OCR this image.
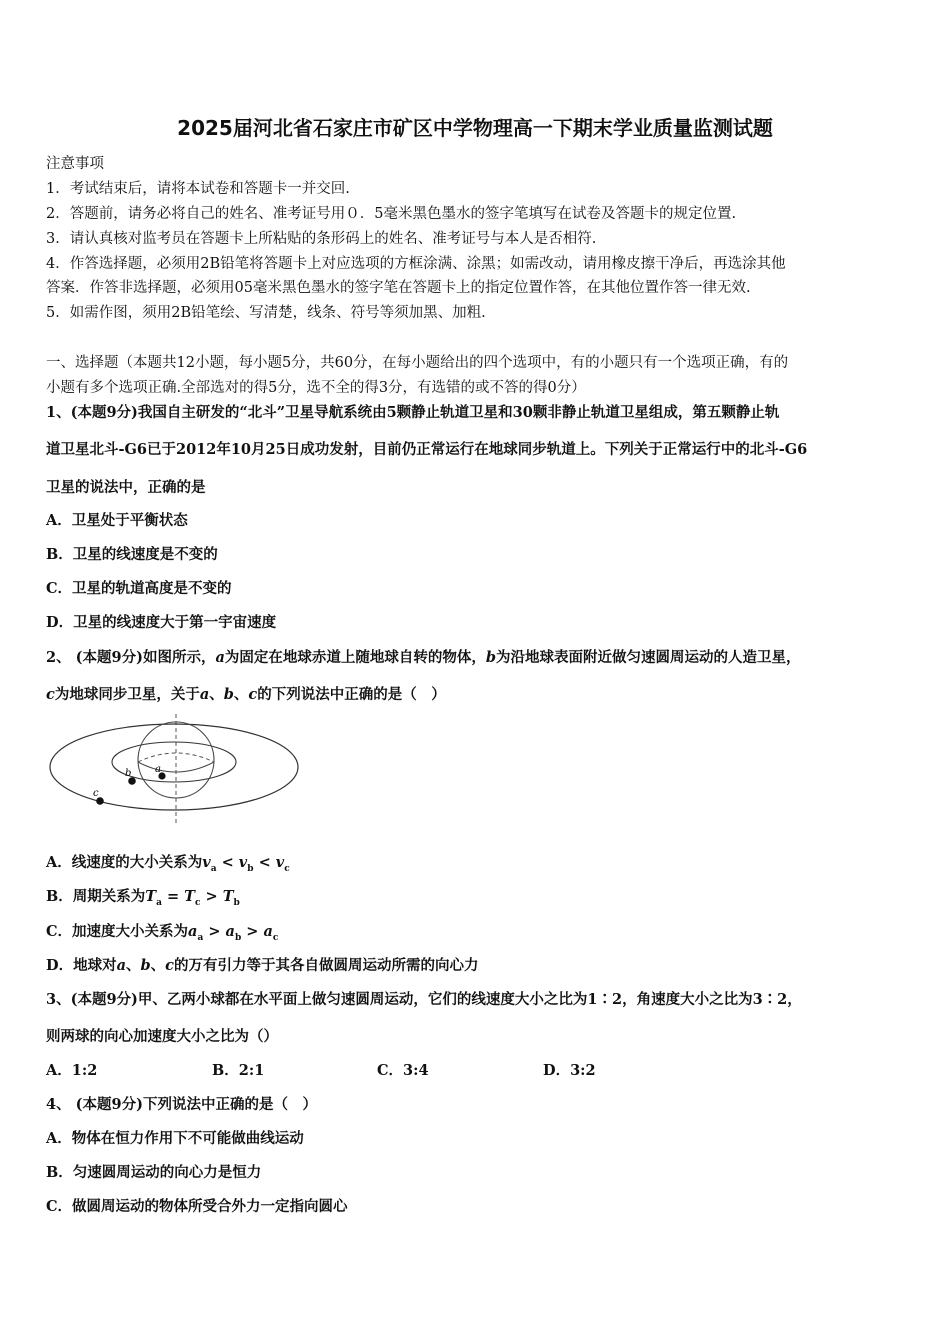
2025届河北省石家庄市矿区中学物理高一下期末学业质量监测试题
注意事项
1．考试结束后，请将本试卷和答题卡一并交回.
2．答题前，请务必将自己的姓名、准考证号用０．5毫米黑色墨水的签字笔填写在试卷及答题卡的规定位置.
3．请认真核对监考员在答题卡上所粘贴的条形码上的姓名、准考证号与本人是否相符.
4．作答选择题，必须用2B铅笔将答题卡上对应选项的方框涂满、涂黑；如需改动，请用橡皮擦干净后，再选涂其他
答案．作答非选择题，必须用05毫米黑色墨水的签字笔在答题卡上的指定位置作答，在其他位置作答一律无效.
5．如需作图，须用2B铅笔绘、写清楚，线条、符号等须加黑、加粗.
一、选择题（本题共12小题，每小题5分，共60分，在每小题给出的四个选项中，有的小题只有一个选项正确，有的
小题有多个选项正确.全部选对的得5分，选不全的得3分，有选错的或不答的得0分）
1、(本题9分)我国自主研发的“北斗”卫星导航系统由5颗静止轨道卫星和30颗非静止轨道卫星组成，第五颗静止轨
道卫星北斗-G6已于2012年10月25日成功发射，目前仍正常运行在地球同步轨道上。下列关于正常运行中的北斗-G6
卫星的说法中，正确的是
A．卫星处于平衡状态
B．卫星的线速度是不变的
C．卫星的轨道高度是不变的
D．卫星的线速度大于第一宇宙速度
2、 (本题9分)如图所示，a为固定在地球赤道上随地球自转的物体，b为沿地球表面附近做匀速圆周运动的人造卫星，
c为地球同步卫星，关于a、b、c的下列说法中正确的是（　）
a
b
c
A．线速度的大小关系为$v_a < v_b < v_c$
B．周期关系为$T_a = T_c > T_b$
C．加速度大小关系为$a_a > a_b > a_c$
D．地球对a、b、c的万有引力等于其各自做圆周运动所需的向心力
3、(本题9分)甲、乙两小球都在水平面上做匀速圆周运动，它们的线速度大小之比为1∶2，角速度大小之比为3∶2，
则两球的向心加速度大小之比为（）
A．1:2	B．2:1	C．3:4	D．3:2
4、 (本题9分)下列说法中正确的是（　）
A．物体在恒力作用下不可能做曲线运动
B．匀速圆周运动的向心力是恒力
C．做圆周运动的物体所受合外力一定指向圆心
